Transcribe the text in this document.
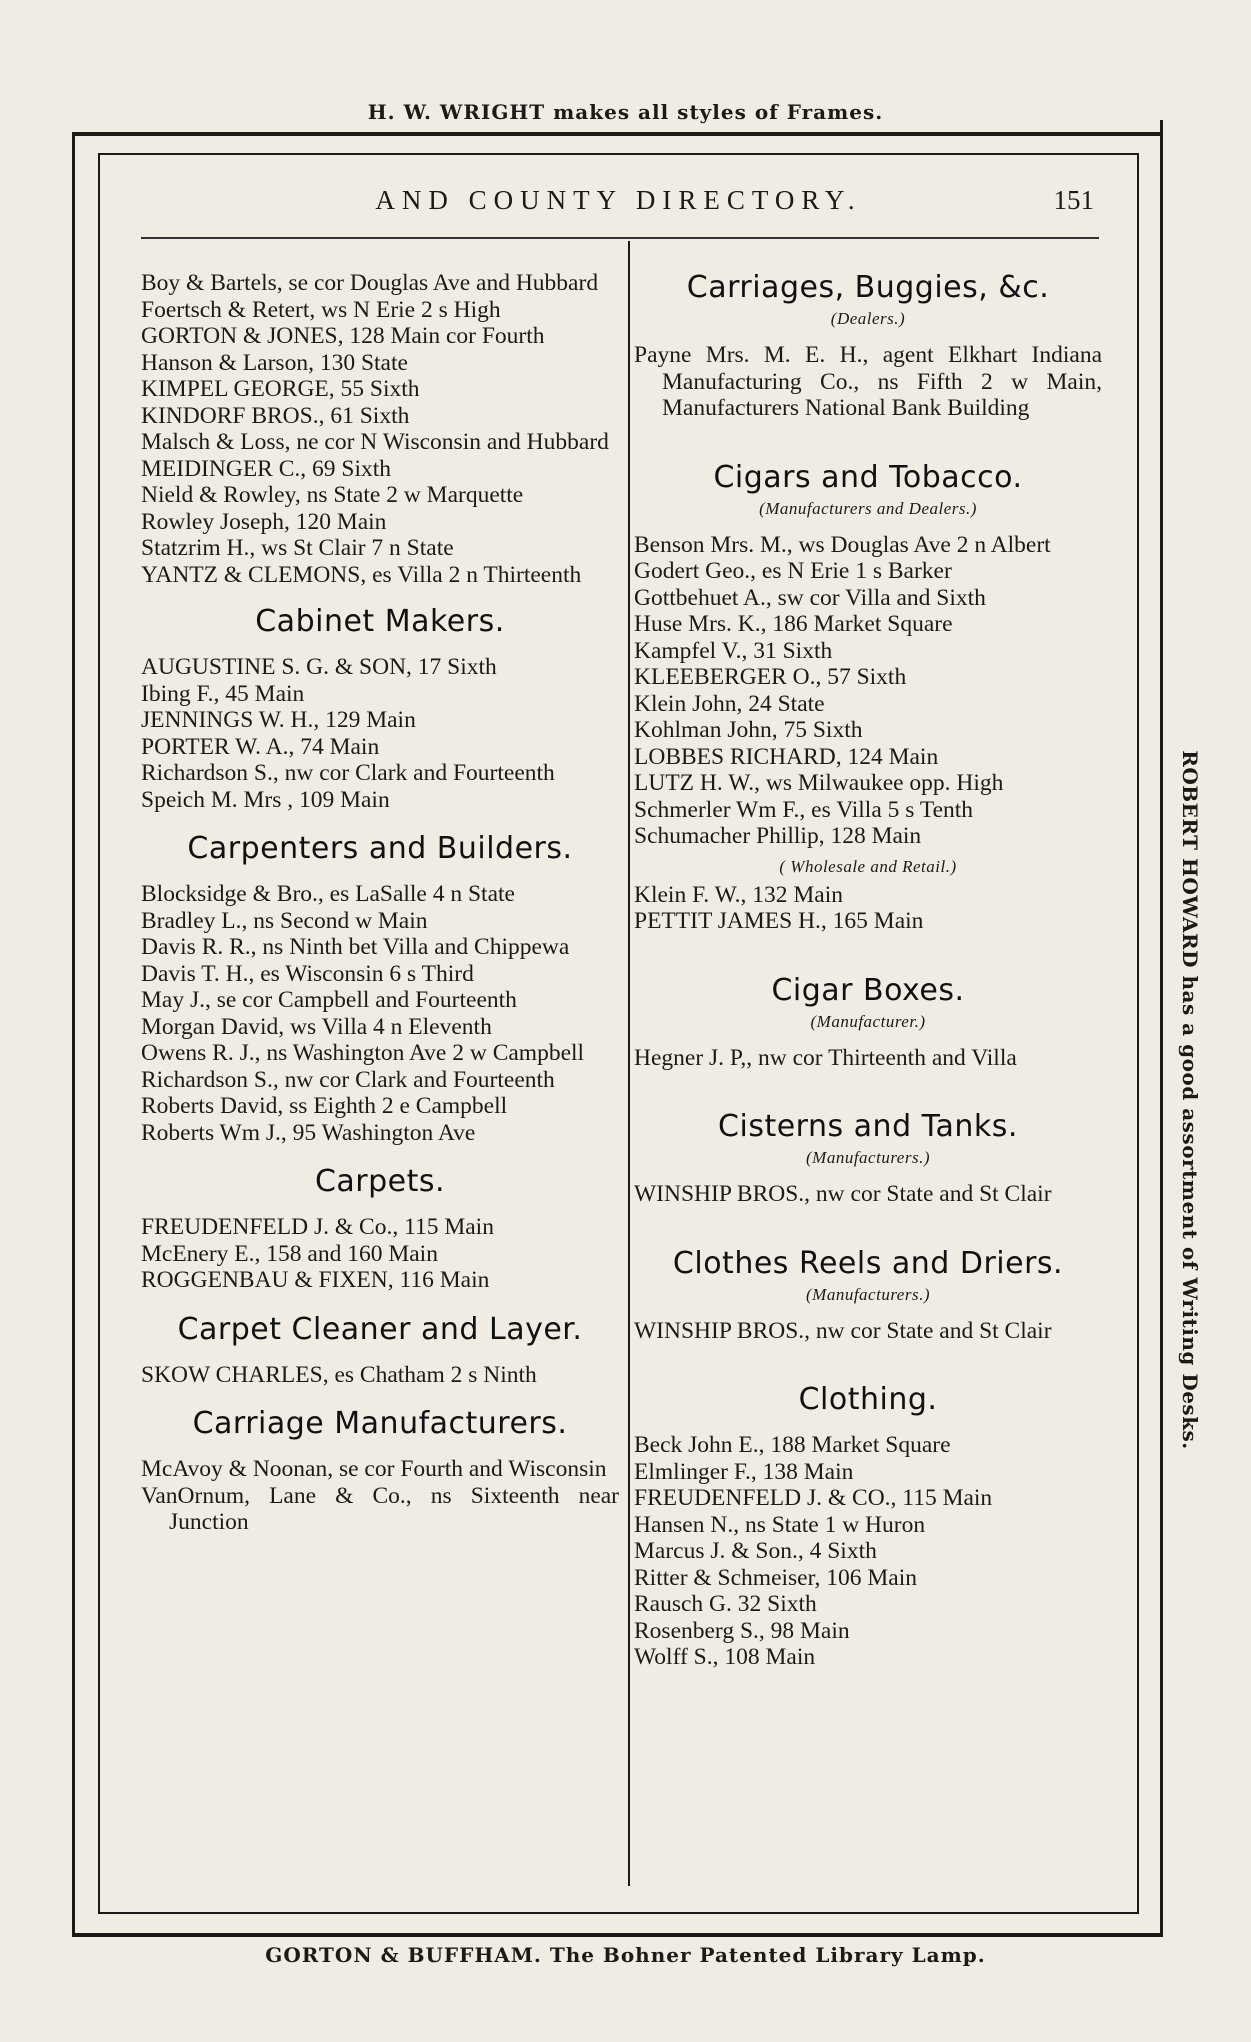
H. W. WRIGHT makes all styles of Frames.
AND COUNTY DIRECTORY.	151
ROBERT HOWARD has a good assortment of Writing Desks.
Boy & Bartels, se cor Douglas Ave and Hubbard
Foertsch & Retert, ws N Erie 2 s High
GORTON & JONES, 128 Main cor Fourth
Hanson & Larson, 130 State
KIMPEL GEORGE, 55 Sixth
KINDORF BROS., 61 Sixth
Malsch & Loss, ne cor N Wisconsin and Hubbard
MEIDINGER C., 69 Sixth
Nield & Rowley, ns State 2 w Marquette
Rowley Joseph, 120 Main
Statzrim H., ws St Clair 7 n State
YANTZ & CLEMONS, es Villa 2 n Thirteenth
Cabinet Makers.
AUGUSTINE S. G. & SON, 17 Sixth
Ibing F., 45 Main
JENNINGS W. H., 129 Main
PORTER W. A., 74 Main
Richardson S., nw cor Clark and Fourteenth
Speich M. Mrs , 109 Main
Carpenters and Builders.
Blocksidge & Bro., es LaSalle 4 n State
Bradley L., ns Second w Main
Davis R. R., ns Ninth bet Villa and Chippewa
Davis T. H., es Wisconsin 6 s Third
May J., se cor Campbell and Fourteenth
Morgan David, ws Villa 4 n Eleventh
Owens R. J., ns Washington Ave 2 w Campbell
Richardson S., nw cor Clark and Fourteenth
Roberts David, ss Eighth 2 e Campbell
Roberts Wm J., 95 Washington Ave
Carpets.
FREUDENFELD J. & Co., 115 Main
McEnery E., 158 and 160 Main
ROGGENBAU & FIXEN, 116 Main
Carpet Cleaner and Layer.
SKOW CHARLES, es Chatham 2 s Ninth
Carriage Manufacturers.
McAvoy & Noonan, se cor Fourth and Wisconsin
VanOrnum, Lane & Co., ns Sixteenth near Junction
Carriages, Buggies, &c.
(Dealers.)
Payne Mrs. M. E. H., agent Elkhart Indiana Manufacturing Co., ns Fifth 2 w Main, Manufacturers National Bank Building
Cigars and Tobacco.
(Manufacturers and Dealers.)
Benson Mrs. M., ws Douglas Ave 2 n Albert
Godert Geo., es N Erie 1 s Barker
Gottbehuet A., sw cor Villa and Sixth
Huse Mrs. K., 186 Market Square
Kampfel V., 31 Sixth
KLEEBERGER O., 57 Sixth
Klein John, 24 State
Kohlman John, 75 Sixth
LOBBES RICHARD, 124 Main
LUTZ H. W., ws Milwaukee opp. High
Schmerler Wm F., es Villa 5 s Tenth
Schumacher Phillip, 128 Main
( Wholesale and Retail.)
Klein F. W., 132 Main
PETTIT JAMES H., 165 Main
Cigar Boxes.
(Manufacturer.)
Hegner J. P,, nw cor Thirteenth and Villa
Cisterns and Tanks.
(Manufacturers.)
WINSHIP BROS., nw cor State and St Clair
Clothes Reels and Driers.
(Manufacturers.)
WINSHIP BROS., nw cor State and St Clair
Clothing.
Beck John E., 188 Market Square
Elmlinger F., 138 Main
FREUDENFELD J. & CO., 115 Main
Hansen N., ns State 1 w Huron
Marcus J. & Son., 4 Sixth
Ritter & Schmeiser, 106 Main
Rausch G. 32 Sixth
Rosenberg S., 98 Main
Wolff S., 108 Main
GORTON & BUFFHAM. The Bohner Patented Library Lamp.
